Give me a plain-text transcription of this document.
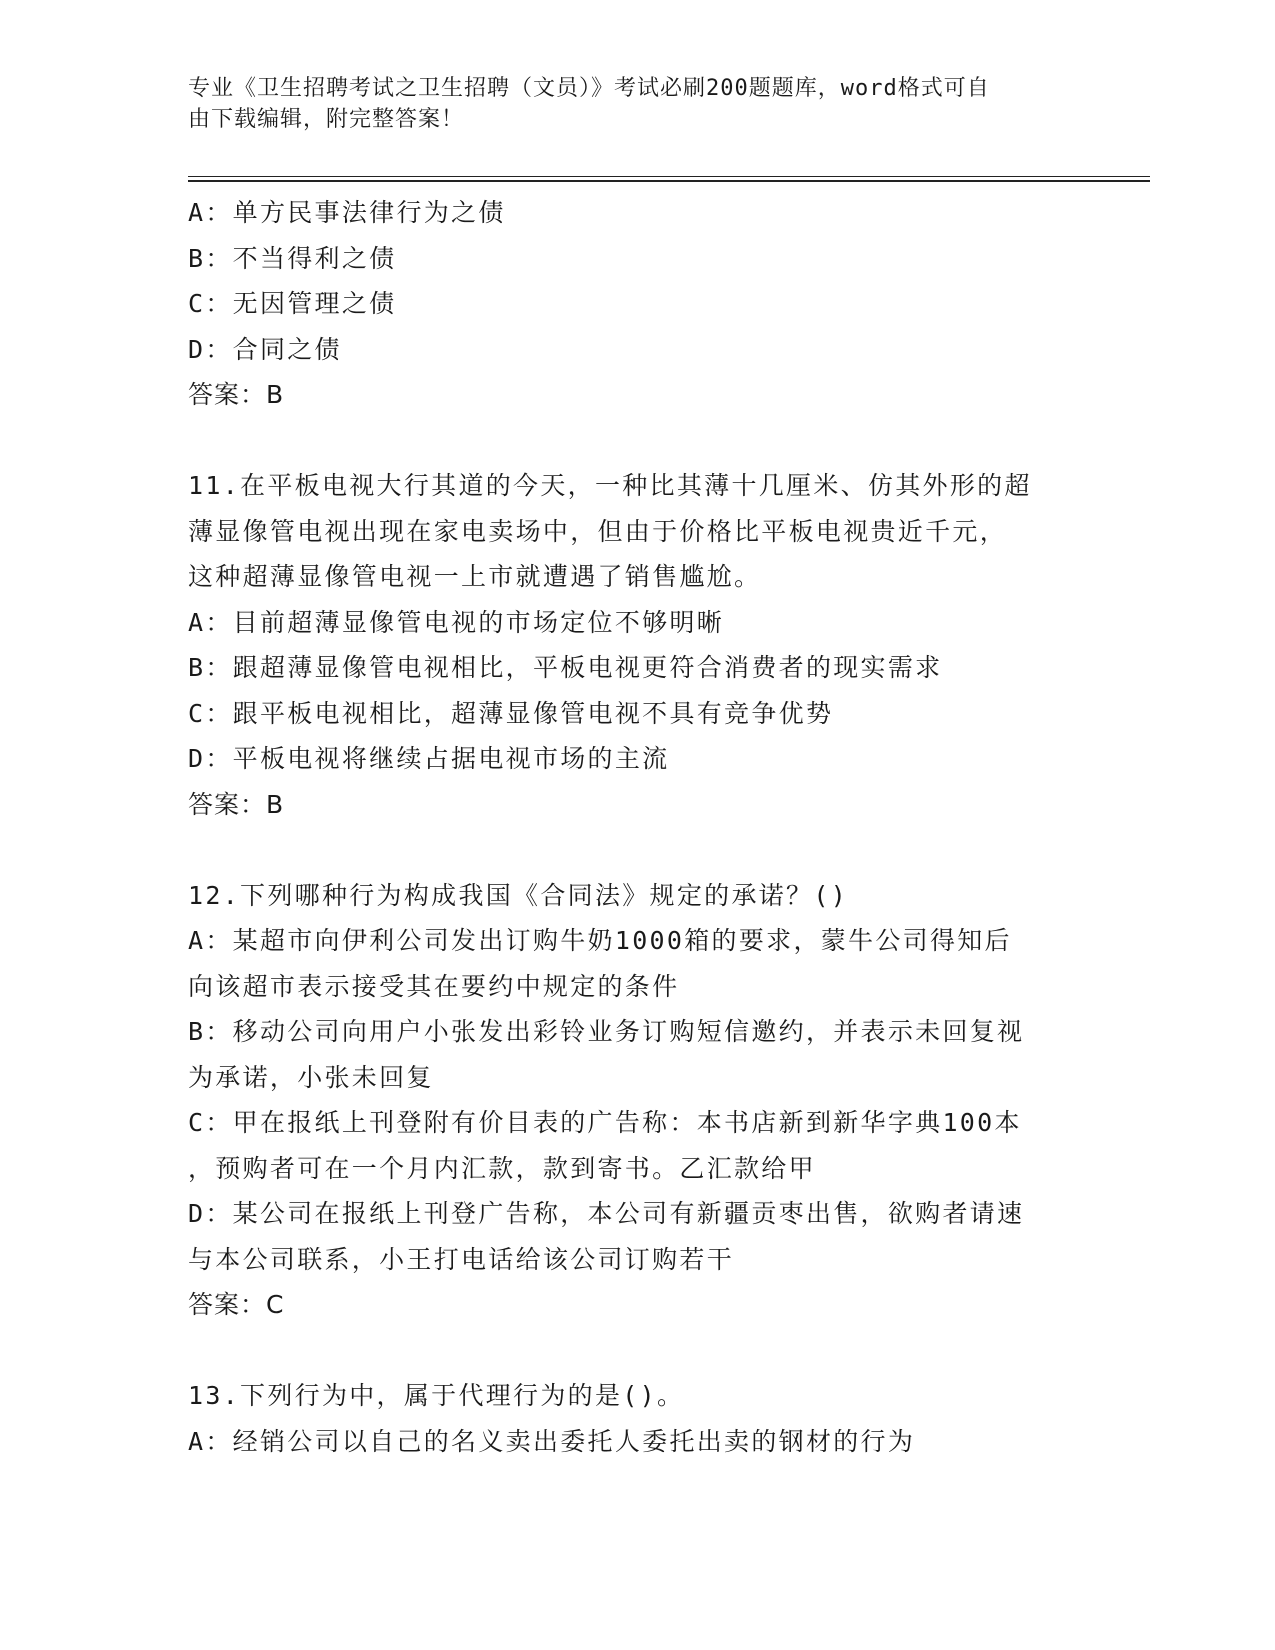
专业《卫生招聘考试之卫生招聘（文员）》考试必刷200题题库，word格式可自
由下载编辑，附完整答案！
A：单方民事法律行为之债
B：不当得利之债
C：无因管理之债
D：合同之债
答案：B
11.在平板电视大行其道的今天，一种比其薄十几厘米、仿其外形的超
薄显像管电视出现在家电卖场中，但由于价格比平板电视贵近千元，
这种超薄显像管电视一上市就遭遇了销售尴尬。
A：目前超薄显像管电视的市场定位不够明晰
B：跟超薄显像管电视相比，平板电视更符合消费者的现实需求
C：跟平板电视相比，超薄显像管电视不具有竞争优势
D：平板电视将继续占据电视市场的主流
答案：B
12.下列哪种行为构成我国《合同法》规定的承诺？()
A：某超市向伊利公司发出订购牛奶1000箱的要求，蒙牛公司得知后
向该超市表示接受其在要约中规定的条件
B：移动公司向用户小张发出彩铃业务订购短信邀约，并表示未回复视
为承诺，小张未回复
C：甲在报纸上刊登附有价目表的广告称：本书店新到新华字典100本
，预购者可在一个月内汇款，款到寄书。乙汇款给甲
D：某公司在报纸上刊登广告称，本公司有新疆贡枣出售，欲购者请速
与本公司联系，小王打电话给该公司订购若干
答案：C
13.下列行为中，属于代理行为的是()。
A：经销公司以自己的名义卖出委托人委托出卖的钢材的行为
